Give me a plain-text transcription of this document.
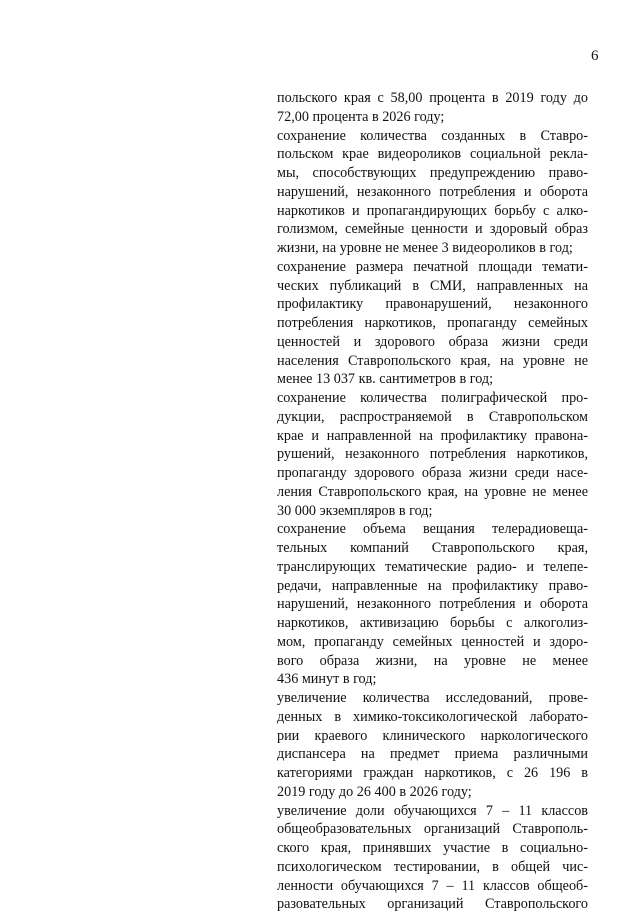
6
польского края с 58,00 процента в 2019 году до
72,00 процента в 2026 году;
сохранение количества созданных в Ставро-
польском крае видеороликов социальной рекла-
мы, способствующих предупреждению право-
нарушений, незаконного потребления и оборота
наркотиков и пропагандирующих борьбу с алко-
голизмом, семейные ценности и здоровый образ
жизни, на уровне не менее 3 видеороликов в год;
сохранение размера печатной площади темати-
ческих публикаций в СМИ, направленных на
профилактику правонарушений, незаконного
потребления наркотиков, пропаганду семейных
ценностей и здорового образа жизни среди
населения Ставропольского края, на уровне не
менее 13 037 кв. сантиметров в год;
сохранение количества полиграфической про-
дукции, распространяемой в Ставропольском
крае и направленной на профилактику правона-
рушений, незаконного потребления наркотиков,
пропаганду здорового образа жизни среди насе-
ления Ставропольского края, на уровне не менее
30 000 экземпляров в год;
сохранение объема вещания телерадиовеща-
тельных компаний Ставропольского края,
транслирующих тематические радио- и телепе-
редачи, направленные на профилактику право-
нарушений, незаконного потребления и оборота
наркотиков, активизацию борьбы с алкоголиз-
мом, пропаганду семейных ценностей и здоро-
вого образа жизни, на уровне не менее
436 минут в год;
увеличение количества исследований, прове-
денных в химико-токсикологической лаборато-
рии краевого клинического наркологического
диспансера на предмет приема различными
категориями граждан наркотиков, с 26 196 в
2019 году до 26 400 в 2026 году;
увеличение доли обучающихся 7 – 11 классов
общеобразовательных организаций Ставрополь-
ского края, принявших участие в социально-
психологическом тестировании, в общей чис-
ленности обучающихся 7 – 11 классов общеоб-
разовательных организаций Ставропольского
